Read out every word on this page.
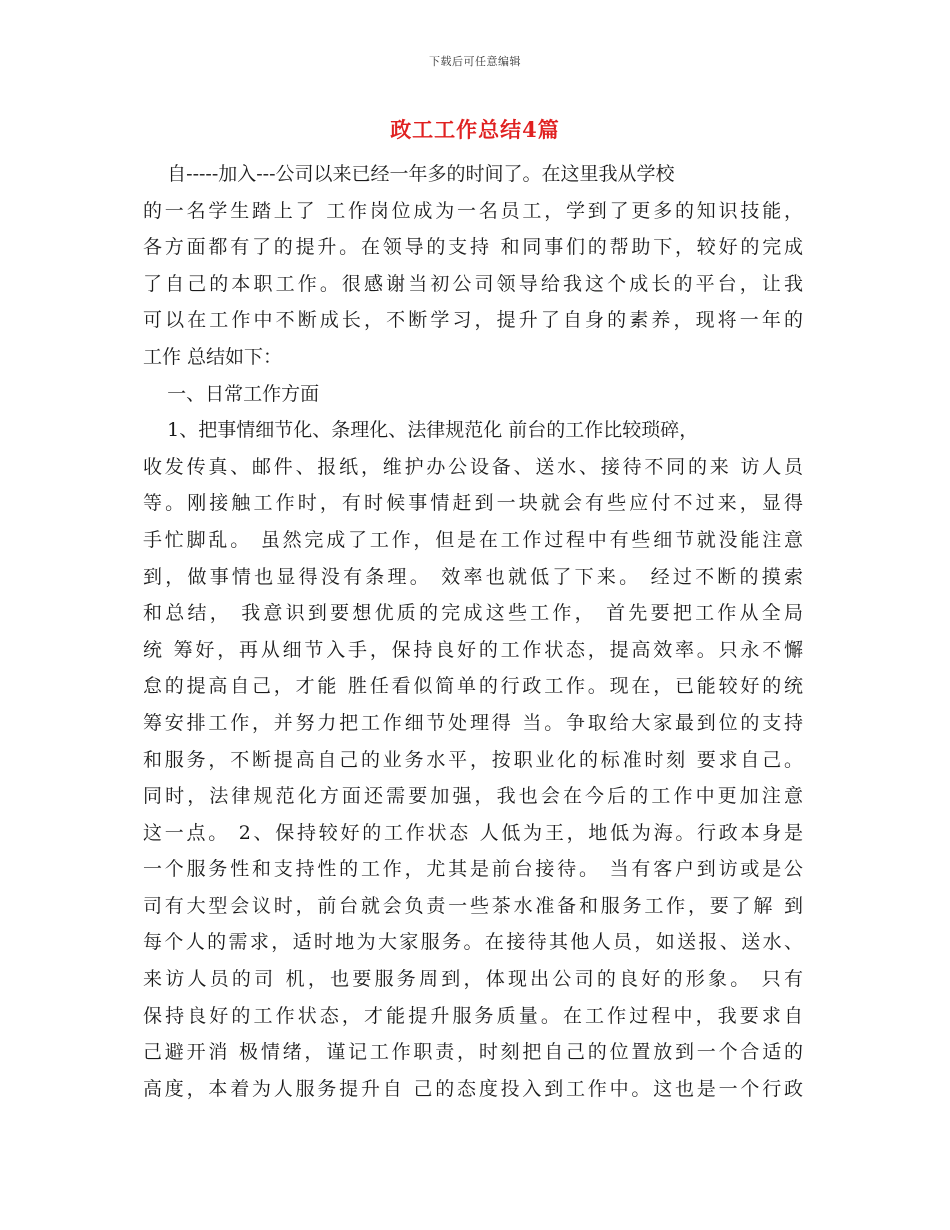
下载后可任意编辑
政工工作总结4篇
自-----加入---公司以来已经一年多的时间了。在这里我从学校
的一名学生踏上了 工作岗位成为一名员工，学到了更多的知识技能，
各方面都有了的提升。在领导的支持 和同事们的帮助下，较好的完成
了自己的本职工作。很感谢当初公司领导给我这个成长的平台，让我
可以在工作中不断成长，不断学习，提升了自身的素养，现将一年的
工作 总结如下：
一、日常工作方面
1、把事情细节化、条理化、法律规范化 前台的工作比较琐碎，
收发传真、邮件、报纸，维护办公设备、送水、接待不同的来 访人员
等。刚接触工作时，有时候事情赶到一块就会有些应付不过来，显得
手忙脚乱。 虽然完成了工作，但是在工作过程中有些细节就没能注意
到，做事情也显得没有条理。 效率也就低了下来。 经过不断的摸索
和总结， 我意识到要想优质的完成这些工作， 首先要把工作从全局
统 筹好，再从细节入手，保持良好的工作状态，提高效率。只永不懈
怠的提高自己，才能 胜任看似简单的行政工作。现在，已能较好的统
筹安排工作，并努力把工作细节处理得 当。争取给大家最到位的支持
和服务，不断提高自己的业务水平，按职业化的标准时刻 要求自己。
同时，法律规范化方面还需要加强，我也会在今后的工作中更加注意
这一点。 2、保持较好的工作状态 人低为王，地低为海。行政本身是
一个服务性和支持性的工作，尤其是前台接待。 当有客户到访或是公
司有大型会议时，前台就会负责一些茶水准备和服务工作，要了解 到
每个人的需求，适时地为大家服务。在接待其他人员，如送报、送水、
来访人员的司 机，也要服务周到，体现出公司的良好的形象。 只有
保持良好的工作状态，才能提升服务质量。在工作过程中，我要求自
己避开消 极情绪，谨记工作职责，时刻把自己的位置放到一个合适的
高度，本着为人服务提升自 己的态度投入到工作中。这也是一个行政
